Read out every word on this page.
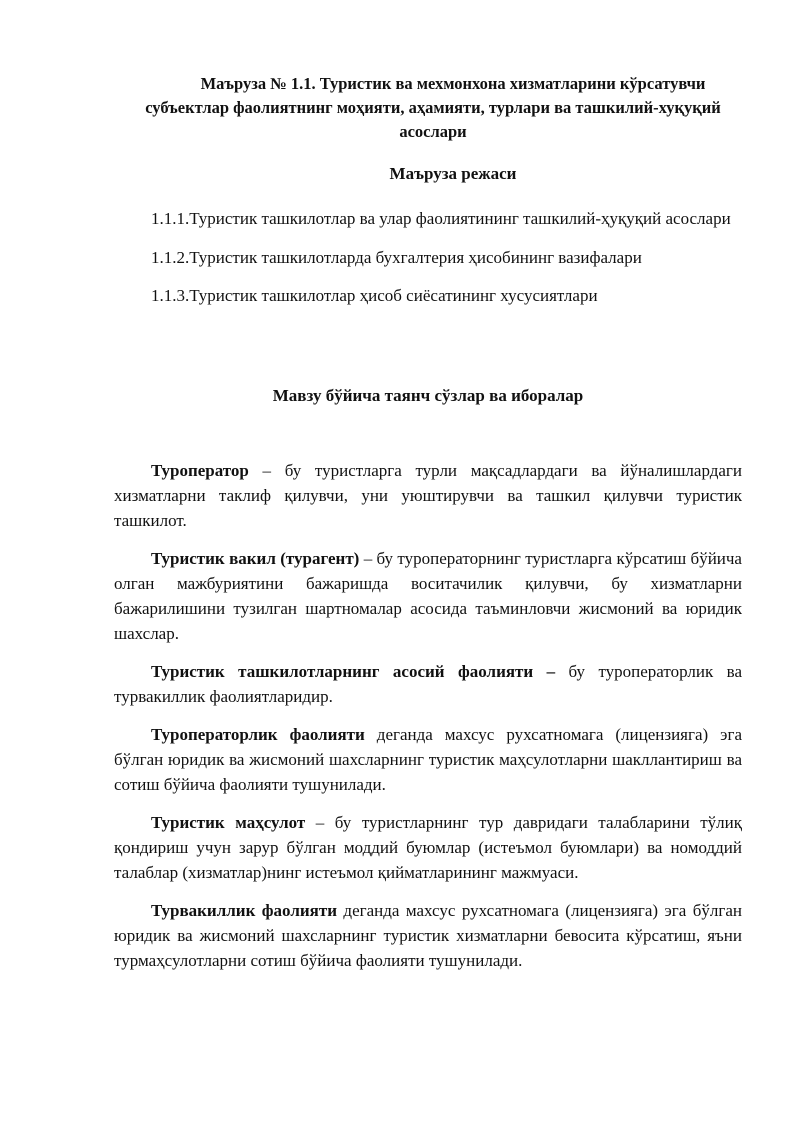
Маъруза № 1.1. Туристик ва мехмонхона хизматларини кўрсатувчи
субъектлар фаолиятнинг моҳияти, аҳамияти, турлари ва ташкилий-хуқуқий
асослари
Маъруза режаси

1.1.1.Туристик ташкилотлар ва улар фаолиятининг ташкилий-ҳуқуқий асослари

1.1.2.Туристик ташкилотларда бухгалтерия ҳисобининг вазифалари

1.1.3.Туристик ташкилотлар ҳисоб сиёсатининг хусусиятлари

Мавзу бўйича таянч сўзлар ва иборалар

Туроператор – бу туристларга турли мақсадлардаги ва йўналишлардаги хизматларни таклиф қилувчи, уни уюштирувчи ва ташкил қилувчи туристик ташкилот.

Туристик вакил (турагент) – бу туроператорнинг туристларга кўрсатиш бўйича олган мажбуриятини бажаришда воситачилик қилувчи, бу хизматларни бажарилишини тузилган шартномалар асосида таъминловчи жисмоний ва юридик шахслар.

Туристик ташкилотларнинг асосий фаолияти – бу туроператорлик ва турвакиллик фаолиятларидир.

Туроператорлик фаолияти деганда махсус рухсатномага (лицензияга) эга бўлган юридик ва жисмоний шахсларнинг туристик маҳсулотларни шакллантириш ва сотиш бўйича фаолияти тушунилади.

Туристик маҳсулот – бу туристларнинг тур давридаги талабларини тўлиқ қондириш учун зарур бўлган моддий буюмлар (истеъмол буюмлари) ва номоддий талаблар (хизматлар)нинг истеъмол қийматларининг мажмуаси.

Турвакиллик фаолияти деганда махсус рухсатномага (лицензияга) эга бўлган юридик ва жисмоний шахсларнинг туристик хизматларни бевосита кўрсатиш, яъни турмаҳсулотларни сотиш бўйича фаолияти тушунилади.
